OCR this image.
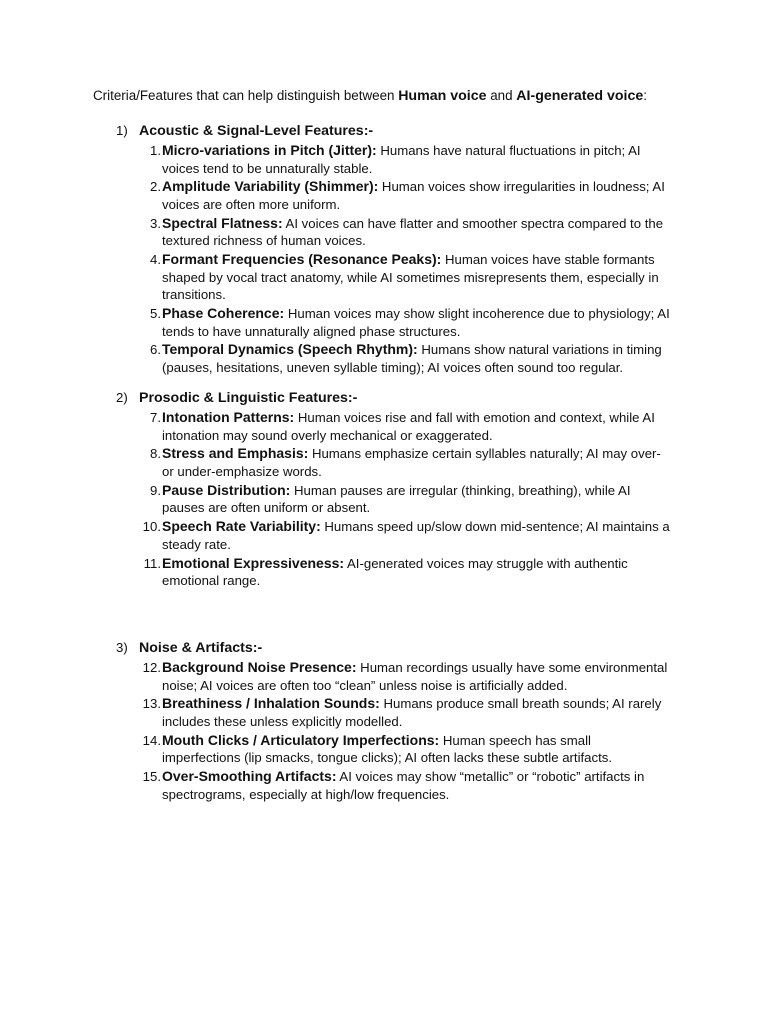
Criteria/Features that can help distinguish between Human voice and AI-generated voice:
1) Acoustic & Signal-Level Features:-
1. Micro-variations in Pitch (Jitter): Humans have natural fluctuations in pitch; AI voices tend to be unnaturally stable.
2. Amplitude Variability (Shimmer): Human voices show irregularities in loudness; AI voices are often more uniform.
3. Spectral Flatness: AI voices can have flatter and smoother spectra compared to the textured richness of human voices.
4. Formant Frequencies (Resonance Peaks): Human voices have stable formants shaped by vocal tract anatomy, while AI sometimes misrepresents them, especially in transitions.
5. Phase Coherence: Human voices may show slight incoherence due to physiology; AI tends to have unnaturally aligned phase structures.
6. Temporal Dynamics (Speech Rhythm): Humans show natural variations in timing (pauses, hesitations, uneven syllable timing); AI voices often sound too regular.
2) Prosodic & Linguistic Features:-
7. Intonation Patterns: Human voices rise and fall with emotion and context, while AI intonation may sound overly mechanical or exaggerated.
8. Stress and Emphasis: Humans emphasize certain syllables naturally; AI may over- or under-emphasize words.
9. Pause Distribution: Human pauses are irregular (thinking, breathing), while AI pauses are often uniform or absent.
10. Speech Rate Variability: Humans speed up/slow down mid-sentence; AI maintains a steady rate.
11. Emotional Expressiveness: AI-generated voices may struggle with authentic emotional range.
3) Noise & Artifacts:-
12. Background Noise Presence: Human recordings usually have some environmental noise; AI voices are often too “clean” unless noise is artificially added.
13. Breathiness / Inhalation Sounds: Humans produce small breath sounds; AI rarely includes these unless explicitly modelled.
14. Mouth Clicks / Articulatory Imperfections: Human speech has small imperfections (lip smacks, tongue clicks); AI often lacks these subtle artifacts.
15. Over-Smoothing Artifacts: AI voices may show “metallic” or “robotic” artifacts in spectrograms, especially at high/low frequencies.
